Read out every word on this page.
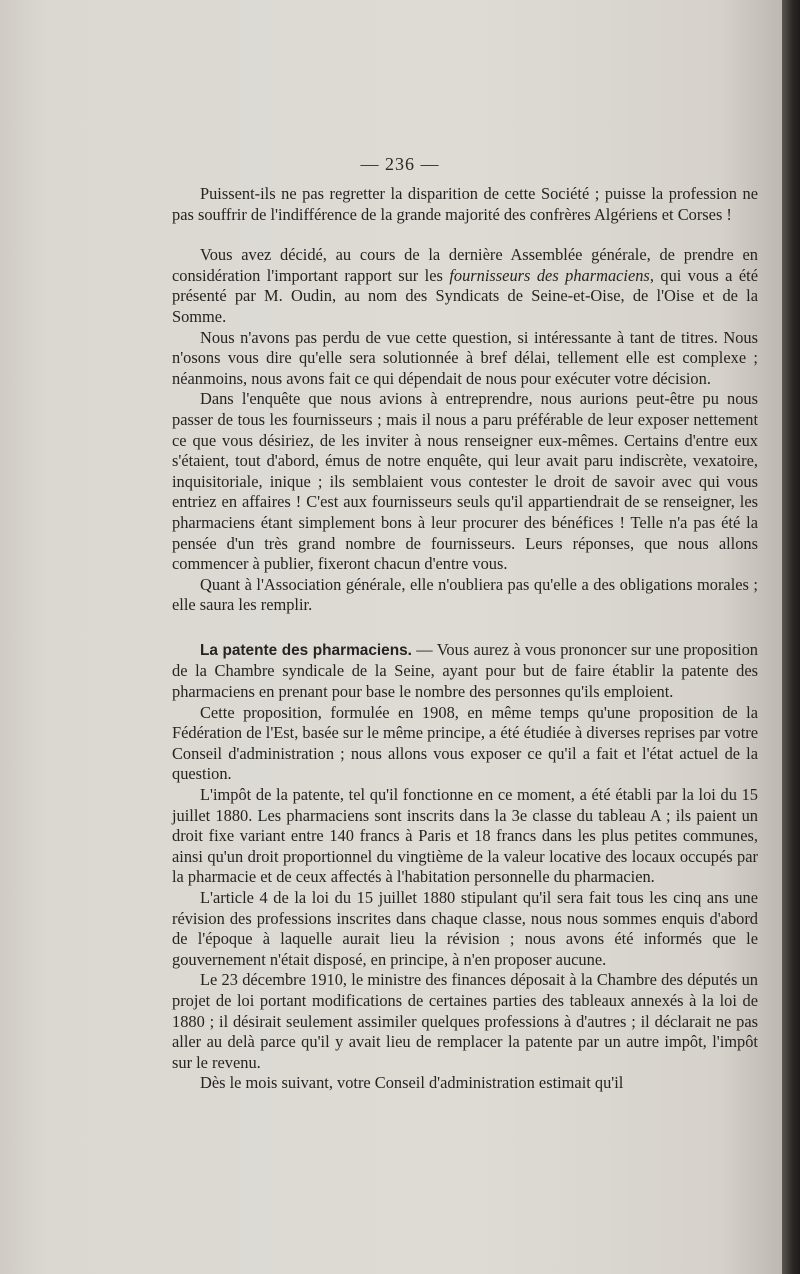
— 236 —

Puissent-ils ne pas regretter la disparition de cette Société ; puisse la profession ne pas souffrir de l'indifférence de la grande majorité des confrères Algériens et Corses !

Vous avez décidé, au cours de la dernière Assemblée générale, de prendre en considération l'important rapport sur les fournisseurs des pharmaciens, qui vous a été présenté par M. Oudin, au nom des Syndicats de Seine-et-Oise, de l'Oise et de la Somme.

Nous n'avons pas perdu de vue cette question, si intéressante à tant de titres. Nous n'osons vous dire qu'elle sera solutionnée à bref délai, tellement elle est complexe ; néanmoins, nous avons fait ce qui dépendait de nous pour exécuter votre décision.

Dans l'enquête que nous avions à entreprendre, nous aurions peut-être pu nous passer de tous les fournisseurs ; mais il nous a paru préférable de leur exposer nettement ce que vous désiriez, de les inviter à nous renseigner eux-mêmes. Certains d'entre eux s'étaient, tout d'abord, émus de notre enquête, qui leur avait paru indiscrète, vexatoire, inquisitoriale, inique ; ils semblaient vous contester le droit de savoir avec qui vous entriez en affaires ! C'est aux fournisseurs seuls qu'il appartiendrait de se renseigner, les pharmaciens étant simplement bons à leur procurer des bénéfices ! Telle n'a pas été la pensée d'un très grand nombre de fournisseurs. Leurs réponses, que nous allons commencer à publier, fixeront chacun d'entre vous.

Quant à l'Association générale, elle n'oubliera pas qu'elle a des obligations morales ; elle saura les remplir.

La patente des pharmaciens. — Vous aurez à vous prononcer sur une proposition de la Chambre syndicale de la Seine, ayant pour but de faire établir la patente des pharmaciens en prenant pour base le nombre des personnes qu'ils emploient.

Cette proposition, formulée en 1908, en même temps qu'une proposition de la Fédération de l'Est, basée sur le même principe, a été étudiée à diverses reprises par votre Conseil d'administration ; nous allons vous exposer ce qu'il a fait et l'état actuel de la question.

L'impôt de la patente, tel qu'il fonctionne en ce moment, a été établi par la loi du 15 juillet 1880. Les pharmaciens sont inscrits dans la 3e classe du tableau A ; ils paient un droit fixe variant entre 140 francs à Paris et 18 francs dans les plus petites communes, ainsi qu'un droit proportionnel du vingtième de la valeur locative des locaux occupés par la pharmacie et de ceux affectés à l'habitation personnelle du pharmacien.

L'article 4 de la loi du 15 juillet 1880 stipulant qu'il sera fait tous les cinq ans une révision des professions inscrites dans chaque classe, nous nous sommes enquis d'abord de l'époque à laquelle aurait lieu la révision ; nous avons été informés que le gouvernement n'était disposé, en principe, à n'en proposer aucune.

Le 23 décembre 1910, le ministre des finances déposait à la Chambre des députés un projet de loi portant modifications de certaines parties des tableaux annexés à la loi de 1880 ; il désirait seulement assimiler quelques professions à d'autres ; il déclarait ne pas aller au delà parce qu'il y avait lieu de remplacer la patente par un autre impôt, l'impôt sur le revenu.

Dès le mois suivant, votre Conseil d'administration estimait qu'il
